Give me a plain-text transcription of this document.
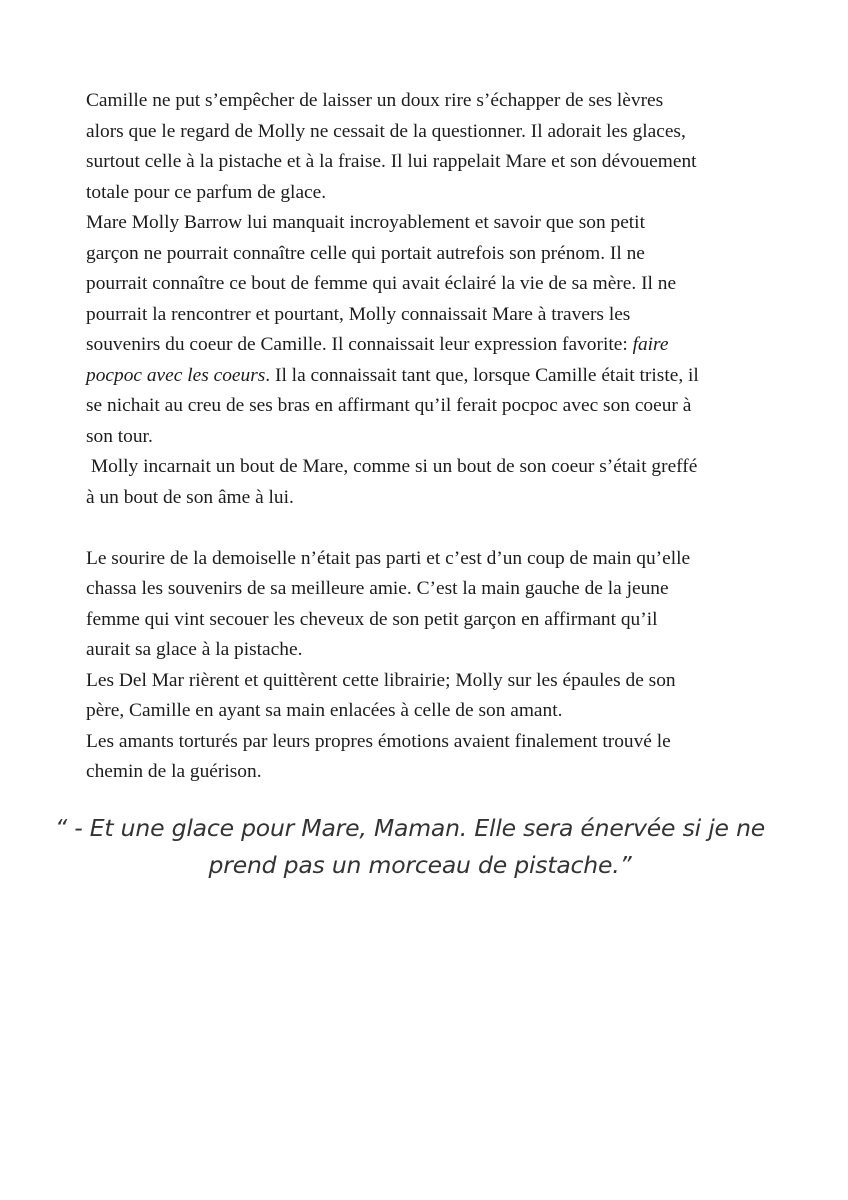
Camille ne put s’empêcher de laisser un doux rire s’échapper de ses lèvres
alors que le regard de Molly ne cessait de la questionner. Il adorait les glaces,
surtout celle à la pistache et à la fraise. Il lui rappelait Mare et son dévouement
totale pour ce parfum de glace.
Mare Molly Barrow lui manquait incroyablement et savoir que son petit
garçon ne pourrait connaître celle qui portait autrefois son prénom. Il ne
pourrait connaître ce bout de femme qui avait éclairé la vie de sa mère. Il ne
pourrait la rencontrer et pourtant, Molly connaissait Mare à travers les
souvenirs du coeur de Camille. Il connaissait leur expression favorite: faire
pocpoc avec les coeurs. Il la connaissait tant que, lorsque Camille était triste, il
se nichait au creu de ses bras en affirmant qu’il ferait pocpoc avec son coeur à
son tour.
Molly incarnait un bout de Mare, comme si un bout de son coeur s’était greffé
à un bout de son âme à lui.
Le sourire de la demoiselle n’était pas parti et c’est d’un coup de main qu’elle
chassa les souvenirs de sa meilleure amie. C’est la main gauche de la jeune
femme qui vint secouer les cheveux de son petit garçon en affirmant qu’il
aurait sa glace à la pistache.
Les Del Mar rièrent et quittèrent cette librairie; Molly sur les épaules de son
père, Camille en ayant sa main enlacées à celle de son amant.
Les amants torturés par leurs propres émotions avaient finalement trouvé le
chemin de la guérison.
“ - Et une glace pour Mare, Maman. Elle sera énervée si je ne
prend pas un morceau de pistache.”
